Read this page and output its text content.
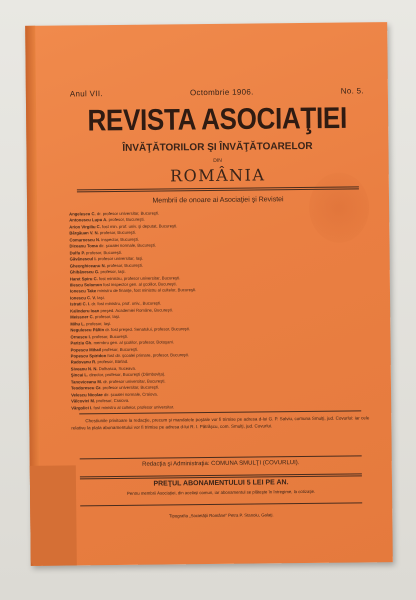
Anul VII.	Octombrie 1906.	No. 5.
REVISTA ASOCIAŢIEI
ÎNVĂŢĂTORILOR ŞI ÎNVĂŢĂTOARELOR
DIN
ROMÂNIA
Membrii de onoare ai Asociaţiei şi Revistei
Angelescu C. dr. profesor universitar, Bucureşti.
Antonescu Lupu A. profesor, Bucureşti.
Arion Virgiliu C. fost min. prof. univ. şi deputat, Bucureşti.
Bărgăuan V. N. profesor, Bucureşti.
Comarnescu N. inspector, Bucureşti.
Diceanu Toma dir. şcoalei normale, Bucureşti.
Dulfu P. profesor, Bucureşti.
Găvănescul I. profesor universitar, Iaşi.
Gheorghiceanu N. profesor, Bucureşti.
Ghibănescu G. profesor, Iaşi.
Haret Spiru C. fost ministru, profesor universitar, Bucureşti.
Iliescu Solomon fost inspector gen. al şcolilor, Bucureşti.
Ionescu Take ministru de finanţe, fost ministru al cultelor, Bucureşti.
Ionescu C. V. Iaşi.
Istrati C. I. dr. fost ministru, prof. univ., Bucureşti.
Kalinderu Ioan preşed. Academiei Române, Bucureşti.
Meissner C. profesor, Iaşi.
Mihu L. profesor, Iaşi.
Negulescu Păltin dr. fost preşed. Senatului, profesor, Bucureşti.
Ornescu I. profesor, Bucureşti.
Pariziu Gh. membru gen. al şcolilor, profesor, Botoşani.
Popescu Mihail profesor, Bucureşti.
Popescu Spiridon fost dir. şcoalei primare, profesor, Bucureşti.
Radovanu R. profesor, Bârlad.
Siveanu N. N. Dolhasca, Suceava.
Şincai L. director, profesor, Bucureşti (Dâmboviţa).
Tanoviceanu M. dr. profesor universitar, Bucureşti.
Teodorescu Gr. profesor universitar, Bucureşti.
Velescu Nicolae dir. şcoalei normale, Craiova.
Vâlcovici M. profesor, Craiova.
Vârgolici I. fost ministru al cultelor, profesor universitar.
Chestiunile privitoare la redacţie, precum şi mandatele poştale vor fi trimise pe adresa d-lui G. P. Salviu, comuna Smulţi, jud. Covurlui: iar cele relative la plata abonamentului vor fi trimise pe adresa d-lui R. I. Pătrăşcu, com. Smulţi, jud. Covurlui.
Redacţia şi Administraţia: COMUNA SMULŢI (COVURLUI).
PREŢUL ABONAMENTULUI 5 LEI PE AN.
Pentru membrii Asociaţiei, din acelaşi comun, iar abonamentul se plăteşte în întregime, la cotizaţie.
Tipografia „Societăţii Române” Petra P. Stanoiu, Galaţi.
